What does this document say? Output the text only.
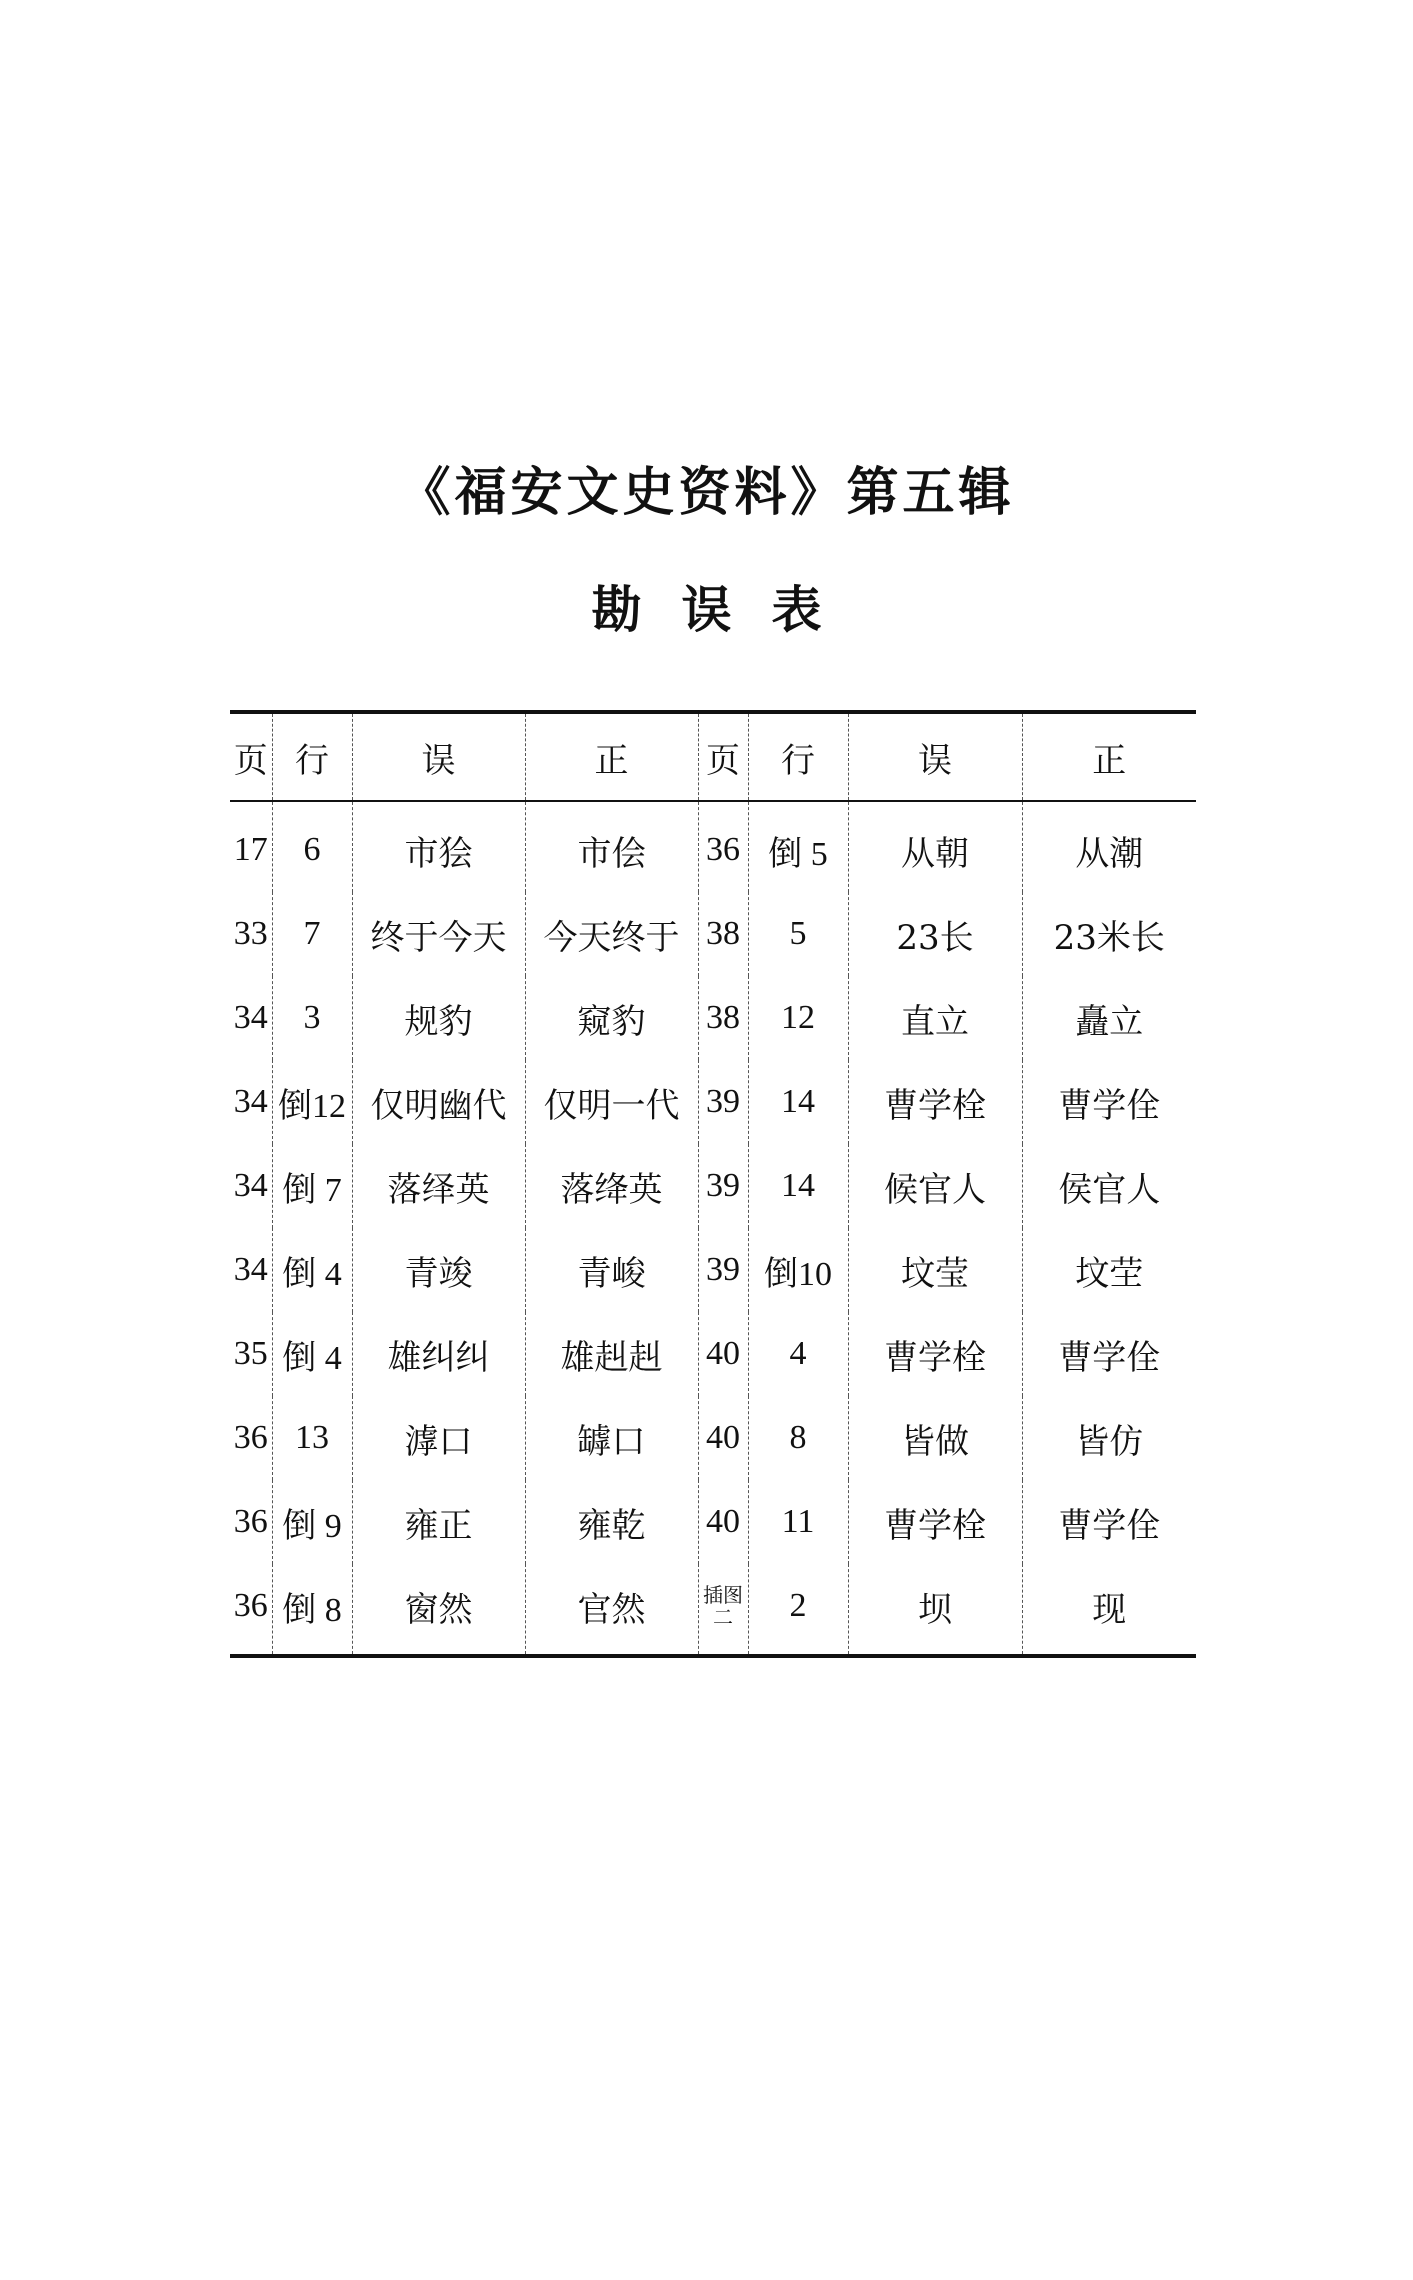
《福安文史资料》第五辑
勘误表
页	行	误	正	页	行	误	正
17	6	市狯	市侩	36	倒 5	从朝	从潮
33	7	终于今天	今天终于	38	5	23长	23米长
34	3	规豹	窥豹	38	12	直立	矗立
34	倒12	仅明幽代	仅明一代	39	14	曹学栓	曹学佺
34	倒 7	落绎英	落绛英	39	14	候官人	侯官人
34	倒 4	青竣	青峻	39	倒10	坟莹	坟茔
35	倒 4	雄纠纠	雄赳赳	40	4	曹学栓	曹学佺
36	13	滹口	罅口	40	8	皆做	皆仿
36	倒 9	雍正	雍乾	40	11	曹学栓	曹学佺
36	倒 8	窗然	官然	插图二	2	坝	现
